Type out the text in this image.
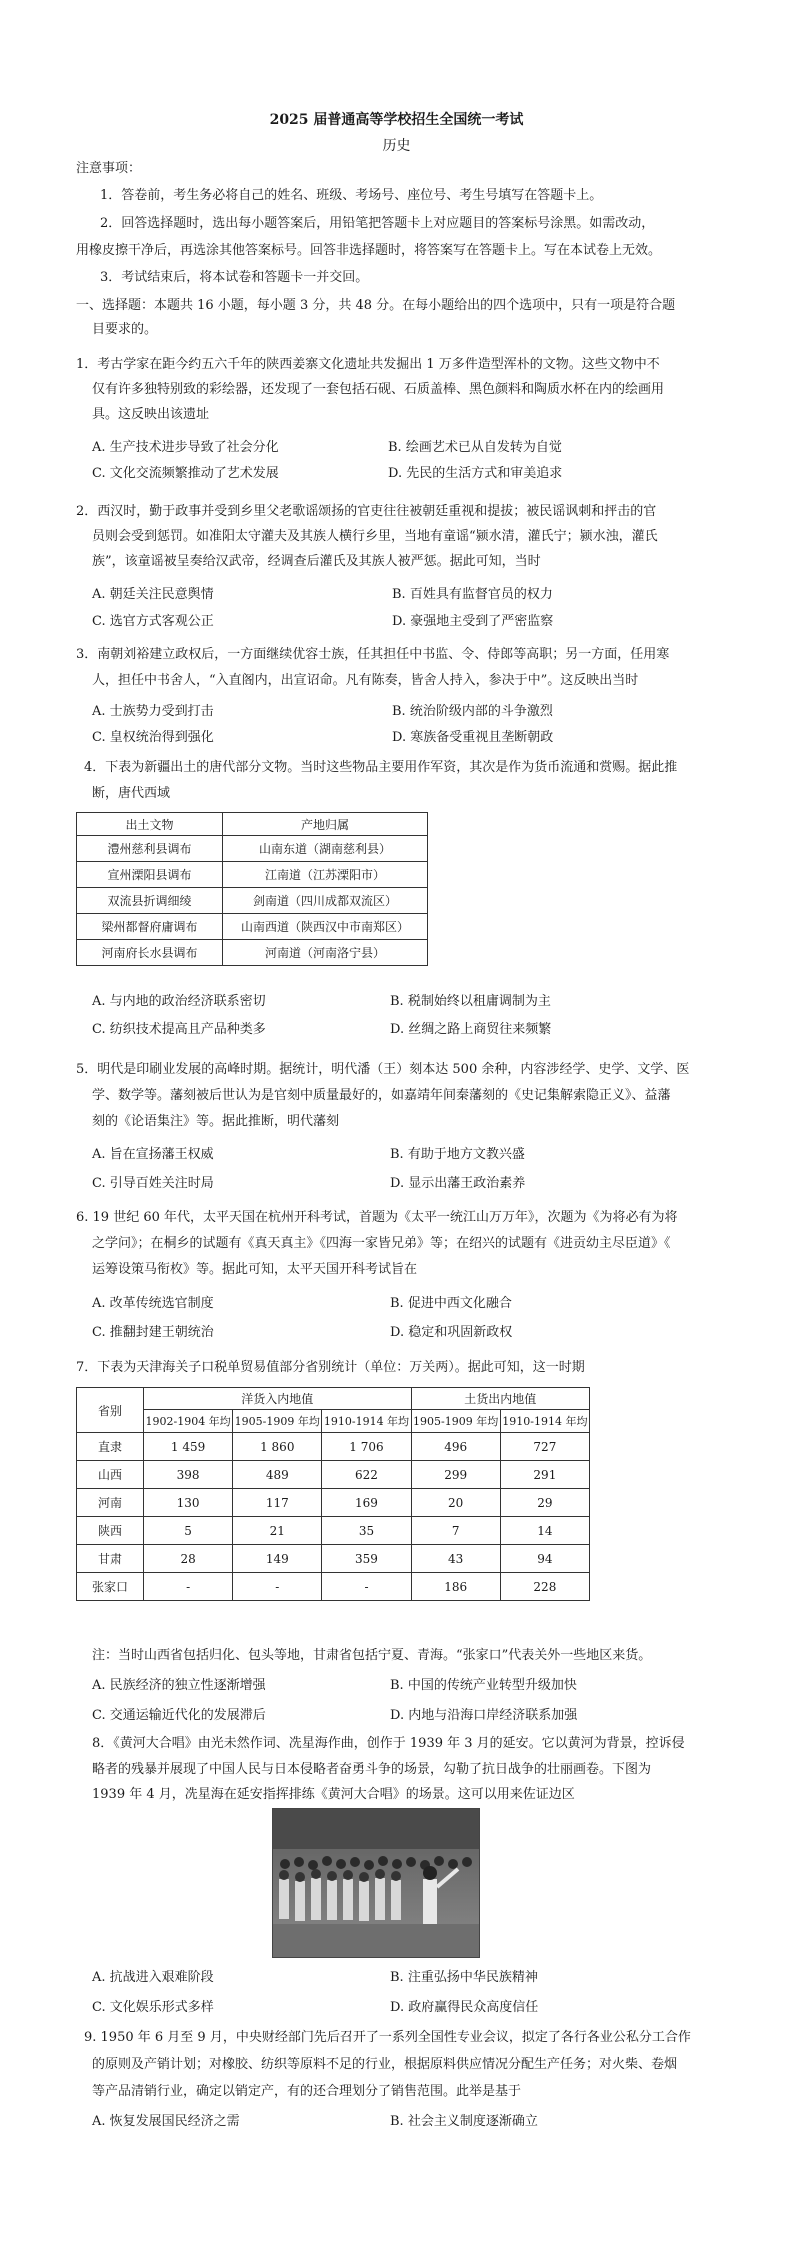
2025 届普通高等学校招生全国统一考试
历史
注意事项：
1．答卷前，考生务必将自己的姓名、班级、考场号、座位号、考生号填写在答题卡上。
2．回答选择题时，选出每小题答案后，用铅笔把答题卡上对应题目的答案标号涂黑。如需改动，
用橡皮擦干净后，再选涂其他答案标号。回答非选择题时，将答案写在答题卡上。写在本试卷上无效。
3．考试结束后，将本试卷和答题卡一并交回。
一、选择题：本题共 16 小题，每小题 3 分，共 48 分。在每小题给出的四个选项中，只有一项是符合题
目要求的。
1．考古学家在距今约五六千年的陕西姜寨文化遗址共发掘出 1 万多件造型浑朴的文物。这些文物中不
仅有许多独特别致的彩绘器，还发现了一套包括石砚、石质盖棒、黑色颜料和陶质水杯在内的绘画用
具。这反映出该遗址
A. 生产技术进步导致了社会分化	B. 绘画艺术已从自发转为自觉
C. 文化交流频繁推动了艺术发展	D. 先民的生活方式和审美追求
2．西汉时，勤于政事并受到乡里父老歌谣颂扬的官吏往往被朝廷重视和提拔；被民谣讽刺和抨击的官
员则会受到惩罚。如准阳太守灌夫及其族人横行乡里，当地有童谣“颍水清，灌氏宁；颍水浊，灌氏
族”，该童谣被呈奏给汉武帝，经调查后灌氏及其族人被严惩。据此可知，当时
A. 朝廷关注民意舆情	B. 百姓具有监督官员的权力
C. 选官方式客观公正	D. 豪强地主受到了严密监察
3．南朝刘裕建立政权后，一方面继续优容士族，任其担任中书监、令、侍郎等高职；另一方面，任用寒
人，担任中书舍人，“入直阁内，出宣诏命。凡有陈奏，皆舍人持入，参决于中”。这反映出当时
A. 士族势力受到打击	B. 统治阶级内部的斗争激烈
C. 皇权统治得到强化	D. 寒族备受重视且垄断朝政
4．下表为新疆出土的唐代部分文物。当时这些物品主要用作军资，其次是作为货币流通和赏赐。据此推
断，唐代西域
出土文物	产地归属
澧州慈利县调布	山南东道（湖南慈利县）
宣州溧阳县调布	江南道（江苏溧阳市）
双流县折调细绫	剑南道（四川成都双流区）
梁州都督府庸调布	山南西道（陕西汉中市南郑区）
河南府长水县调布	河南道（河南洛宁县）
A. 与内地的政治经济联系密切	B. 税制始终以租庸调制为主
C. 纺织技术提高且产品种类多	D. 丝绸之路上商贸往来频繁
5．明代是印刷业发展的高峰时期。据统计，明代潘（王）刻本达 500 余种，内容涉经学、史学、文学、医
学、数学等。藩刻被后世认为是官刻中质量最好的，如嘉靖年间秦藩刻的《史记集解索隐正义》、益藩
刻的《论语集注》等。据此推断，明代藩刻
A. 旨在宣扬藩王权威	B. 有助于地方文教兴盛
C. 引导百姓关注时局	D. 显示出藩王政治素养
6. 19 世纪 60 年代，太平天国在杭州开科考试，首题为《太平一统江山万万年》，次题为《为将必有为将
之学问》；在桐乡的试题有《真天真主》《四海一家皆兄弟》等；在绍兴的试题有《进贡幼主尽臣道》《
运筹设策马衔枚》等。据此可知，太平天国开科考试旨在
A. 改革传统选官制度	B. 促进中西文化融合
C. 推翻封建王朝统治	D. 稳定和巩固新政权
7．下表为天津海关子口税单贸易值部分省别统计（单位：万关两）。据此可知，这一时期
省别	洋货入内地值			土货出内地值	
	1902-1904 年均	1905-1909 年均	1910-1914 年均	1905-1909 年均	1910-1914 年均
直隶	1 459	1 860	1 706	496	727
山西	398	489	622	299	291
河南	130	117	169	20	29
陕西	5	21	35	7	14
甘肃	28	149	359	43	94
张家口	-	-	-	186	228
注：当时山西省包括归化、包头等地，甘肃省包括宁夏、青海。“张家口”代表关外一些地区来货。
A. 民族经济的独立性逐渐增强	B. 中国的传统产业转型升级加快
C. 交通运输近代化的发展滞后	D. 内地与沿海口岸经济联系加强
8．《黄河大合唱》由光未然作词、冼星海作曲，创作于 1939 年 3 月的延安。它以黄河为背景，控诉侵
略者的残暴并展现了中国人民与日本侵略者奋勇斗争的场景，勾勒了抗日战争的壮丽画卷。下图为
1939 年 4 月，冼星海在延安指挥排练《黄河大合唱》的场景。这可以用来佐证边区
A. 抗战进入艰难阶段	B. 注重弘扬中华民族精神
C. 文化娱乐形式多样	D. 政府赢得民众高度信任
9. 1950 年 6 月至 9 月，中央财经部门先后召开了一系列全国性专业会议，拟定了各行各业公私分工合作
的原则及产销计划；对橡胶、纺织等原料不足的行业，根据原料供应情况分配生产任务；对火柴、卷烟
等产品清销行业，确定以销定产，有的还合理划分了销售范围。此举是基于
A. 恢复发展国民经济之需	B. 社会主义制度逐渐确立
